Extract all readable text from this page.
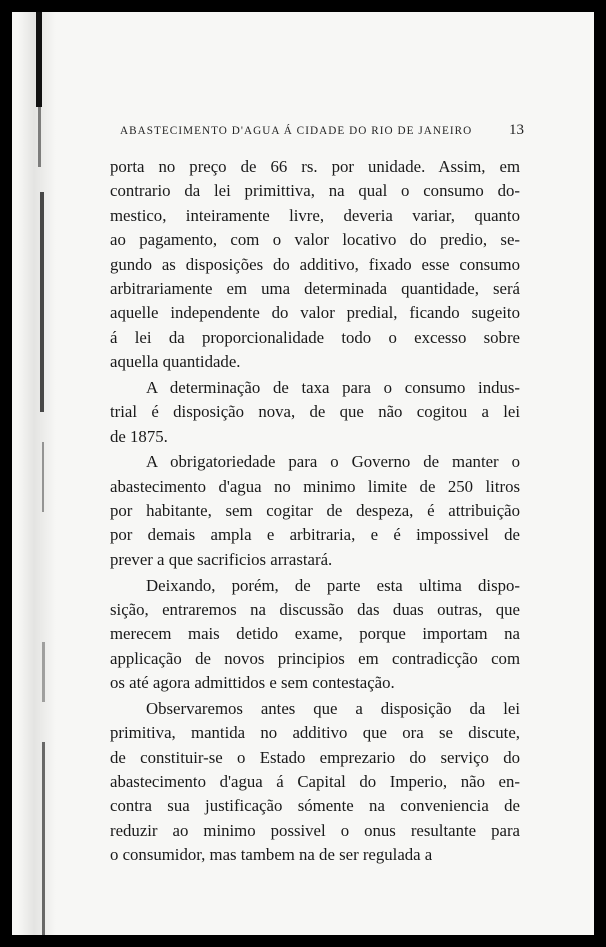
ABASTECIMENTO D'AGUA Á CIDADE DO RIO DE JANEIRO 13
porta no preço de 66 rs. por unidade. Assim, em
contrario da lei primittiva, na qual o consumo do-
mestico, inteiramente livre, deveria variar, quanto
ao pagamento, com o valor locativo do predio, se-
gundo as disposições do additivo, fixado esse consumo
arbitrariamente em uma determinada quantidade, será
aquelle independente do valor predial, ficando sugeito
á lei da proporcionalidade todo o excesso sobre
aquella quantidade.
A determinação de taxa para o consumo indus-
trial é disposição nova, de que não cogitou a lei
de 1875.
A obrigatoriedade para o Governo de manter o
abastecimento d'agua no minimo limite de 250 litros
por habitante, sem cogitar de despeza, é attribuição
por demais ampla e arbitraria, e é impossivel de
prever a que sacrificios arrastará.
Deixando, porém, de parte esta ultima dispo-
sição, entraremos na discussão das duas outras, que
merecem mais detido exame, porque importam na
applicação de novos principios em contradicção com
os até agora admittidos e sem contestação.
Observaremos antes que a disposição da lei
primitiva, mantida no additivo que ora se discute,
de constituir-se o Estado emprezario do serviço do
abastecimento d'agua á Capital do Imperio, não en-
contra sua justificação sómente na conveniencia de
reduzir ao minimo possivel o onus resultante para
o consumidor, mas tambem na de ser regulada a
